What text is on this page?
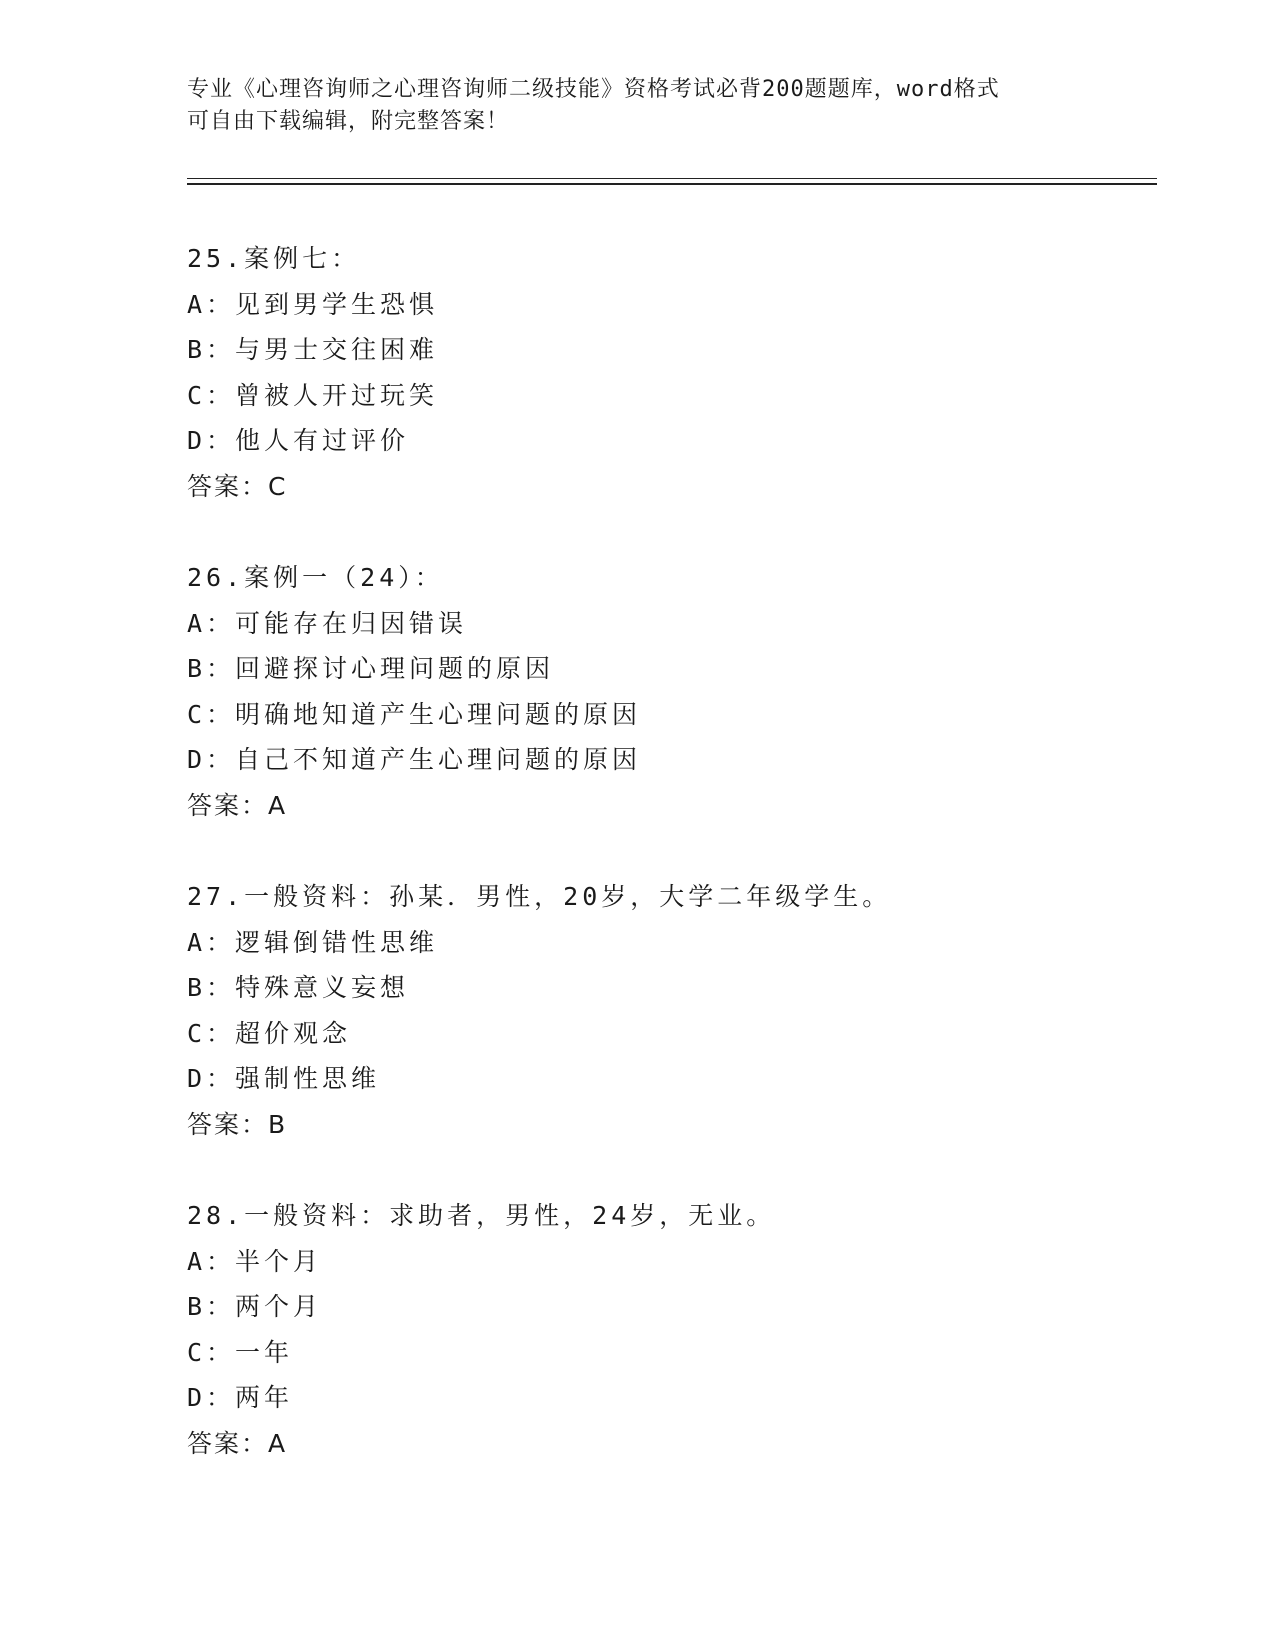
专业《心理咨询师之心理咨询师二级技能》资格考试必背200题题库，word格式
可自由下载编辑，附完整答案！
25.案例七：
A：见到男学生恐惧
B：与男士交往困难
C：曾被人开过玩笑
D：他人有过评价
答案：C
26.案例一（24）：
A：可能存在归因错误
B：回避探讨心理问题的原因
C：明确地知道产生心理问题的原因
D：自己不知道产生心理问题的原因
答案：A
27.一般资料：孙某．男性，20岁，大学二年级学生。
A：逻辑倒错性思维
B：特殊意义妄想
C：超价观念
D：强制性思维
答案：B
28.一般资料：求助者，男性，24岁，无业。
A：半个月
B：两个月
C：一年
D：两年
答案：A
